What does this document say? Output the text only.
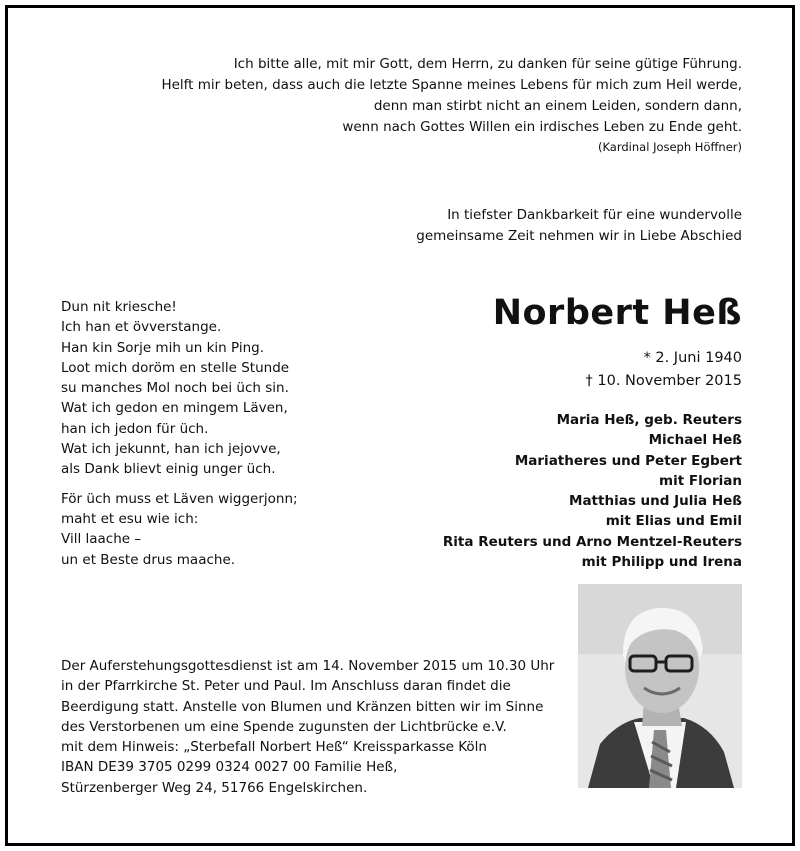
Ich bitte alle, mit mir Gott, dem Herrn, zu danken für seine gütige Führung.
Helft mir beten, dass auch die letzte Spanne meines Lebens für mich zum Heil werde,
denn man stirbt nicht an einem Leiden, sondern dann,
wenn nach Gottes Willen ein irdisches Leben zu Ende geht.
(Kardinal Joseph Höffner)
In tiefster Dankbarkeit für eine wundervolle
gemeinsame Zeit nehmen wir in Liebe Abschied
Dun nit kriesche!
Ich han et övverstange.
Han kin Sorje mih un kin Ping.
Loot mich doröm en stelle Stunde
su manches Mol noch bei üch sin.
Wat ich gedon en mingem Läven,
han ich jedon für üch.
Wat ich jekunnt, han ich jejovve,
als Dank blievt einig unger üch.
För üch muss et Läven wiggerjonn;
maht et esu wie ich:
Vill laache –
un et Beste drus maache.
Norbert Heß
* 2. Juni 1940
† 10. November 2015
Maria Heß, geb. Reuters
Michael Heß
Mariatheres und Peter Egbert
mit Florian
Matthias und Julia Heß
mit Elias und Emil
Rita Reuters und Arno Mentzel-Reuters
mit Philipp und Irena
Der Auferstehungsgottesdienst ist am 14. November 2015 um 10.30 Uhr
in der Pfarrkirche St. Peter und Paul. Im Anschluss daran findet die
Beerdigung statt. Anstelle von Blumen und Kränzen bitten wir im Sinne
des Verstorbenen um eine Spende zugunsten der Lichtbrücke e.V.
mit dem Hinweis: „Sterbefall Norbert Heß“ Kreissparkasse Köln
IBAN DE39 3705 0299 0324 0027 00 Familie Heß,
Stürzenberger Weg 24, 51766 Engelskirchen.
